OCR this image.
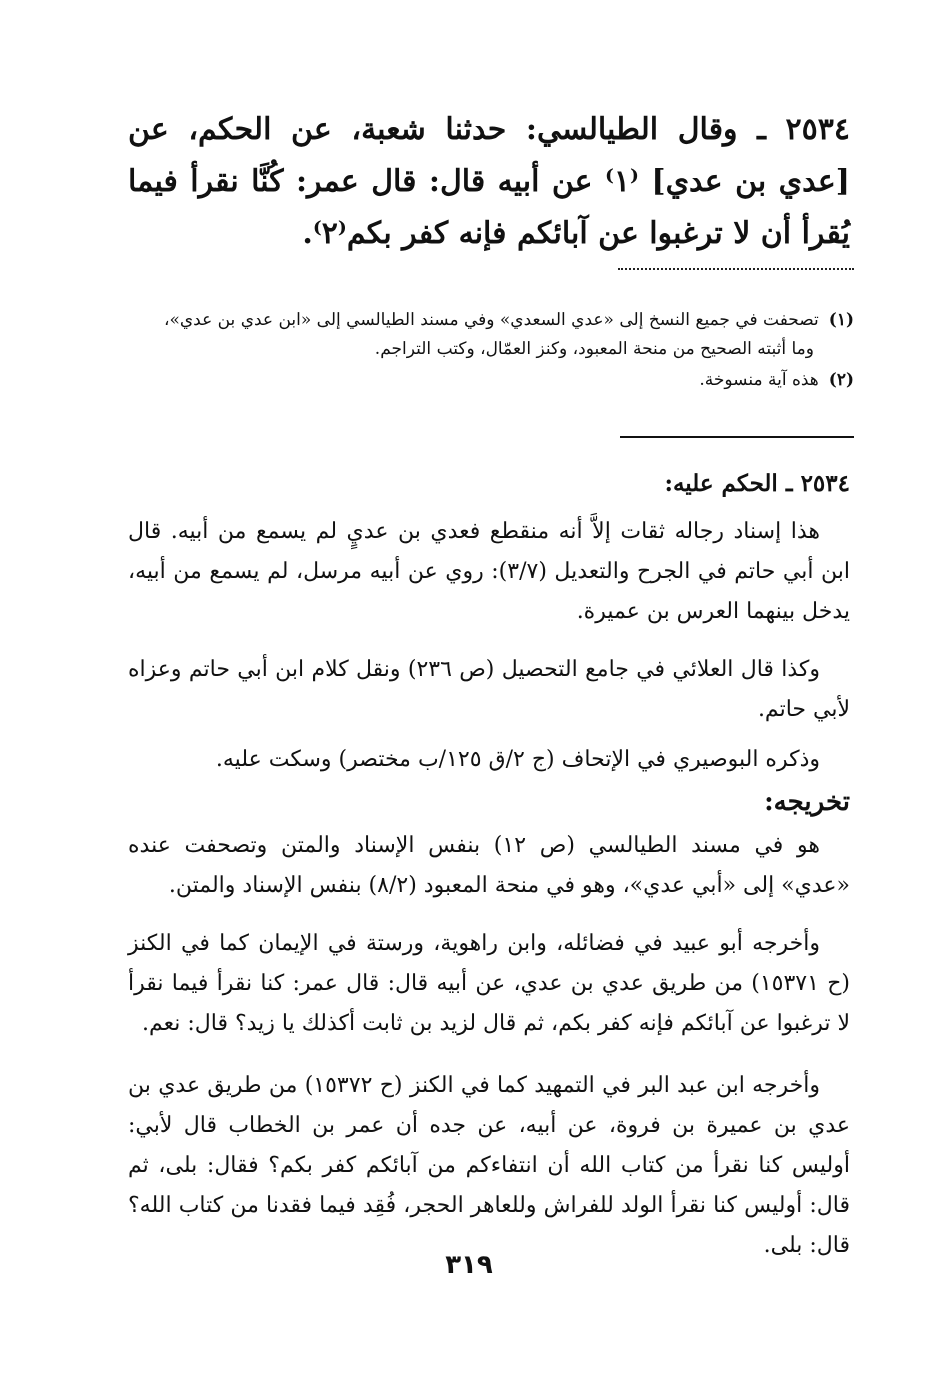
٢٥٣٤ ـ وقال الطيالسي: حدثنا شعبة، عن الحكم، عن [عدي بن عدي] ⁽١⁾ عن أبيه قال: قال عمر: كُنَّا نقرأ فيما يُقرأ أن لا ترغبوا عن آبائكم فإنه كفر بكم⁽٢⁾.
(١)تصحفت في جميع النسخ إلى «عدي السعدي» وفي مسند الطيالسي إلى «ابن عدي بن عدي»،
وما أثبته الصحيح من منحة المعبود، وكنز العمّال، وكتب التراجم.
(٢)هذه آية منسوخة.
٢٥٣٤ ـ الحكم عليه:
هذا إسناد رجاله ثقات إلاَّ أنه منقطع فعدي بن عديٍ لم يسمع من أبيه. قال ابن أبي حاتم في الجرح والتعديل (٣/٧): روي عن أبيه مرسل، لم يسمع من أبيه، يدخل بينهما العرس بن عميرة.
وكذا قال العلائي في جامع التحصيل (ص ٢٣٦) ونقل كلام ابن أبي حاتم وعزاه لأبي حاتم.
وذكره البوصيري في الإتحاف (ج ٢/ق ١٢٥/ب مختصر) وسكت عليه.
تخريجه:
هو في مسند الطيالسي (ص ١٢) بنفس الإسناد والمتن وتصحفت عنده «عدي» إلى «أبي عدي»، وهو في منحة المعبود (٨/٢) بنفس الإسناد والمتن.
وأخرجه أبو عبيد في فضائله، وابن راهوية، ورستة في الإيمان كما في الكنز (ح ١٥٣٧١) من طريق عدي بن عدي، عن أبيه قال: قال عمر: كنا نقرأ فيما نقرأ لا ترغبوا عن آبائكم فإنه كفر بكم، ثم قال لزيد بن ثابت أكذلك يا زيد؟ قال: نعم.
وأخرجه ابن عبد البر في التمهيد كما في الكنز (ح ١٥٣٧٢) من طريق عدي بن عدي بن عميرة بن فروة، عن أبيه، عن جده أن عمر بن الخطاب قال لأبي: أوليس كنا نقرأ من كتاب الله أن انتفاءكم من آبائكم كفر بكم؟ فقال: بلى، ثم قال: أوليس كنا نقرأ الولد للفراش وللعاهر الحجر، فُقِد فيما فقدنا من كتاب الله؟ قال: بلى.
٣١٩
